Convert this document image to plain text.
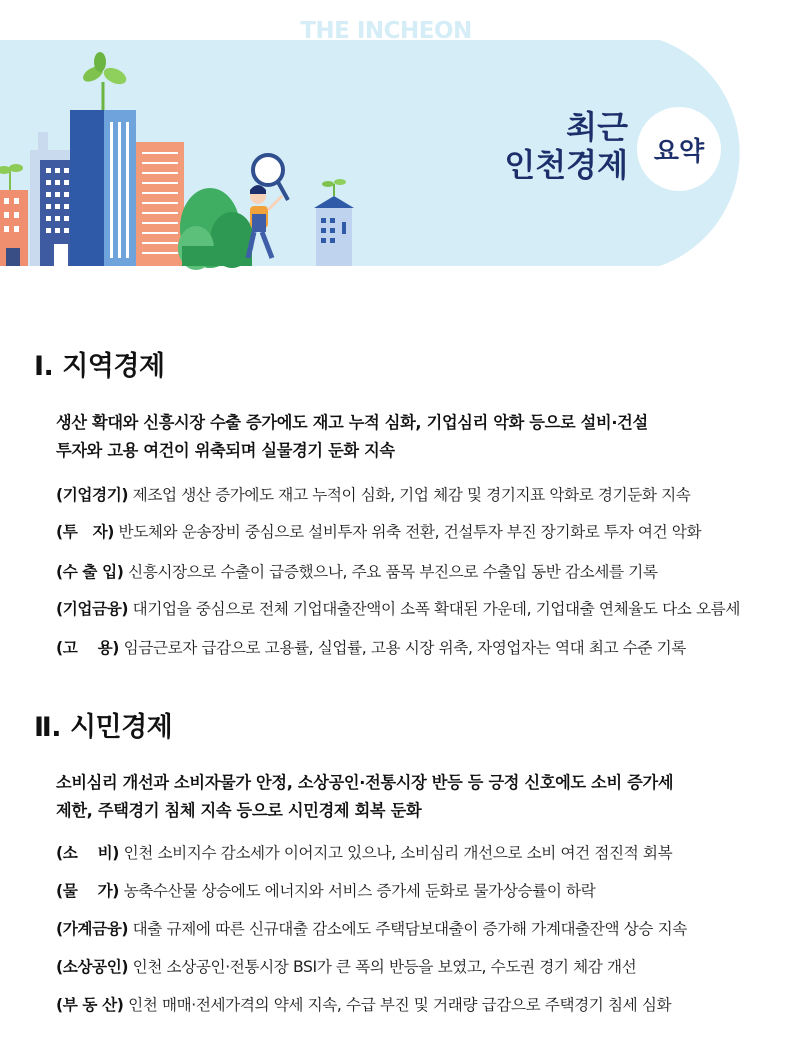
THE INCHEON INSTITUTE
최근
인천경제 요약
Ⅰ. 지역경제
생산 확대와 신흥시장 수출 증가에도 재고 누적 심화, 기업심리 악화 등으로 설비·건설
투자와 고용 여건이 위축되며 실물경기 둔화 지속
(기업경기) 제조업 생산 증가에도 재고 누적이 심화, 기업 체감 및 경기지표 악화로 경기둔화 지속
(투　자) 반도체와 운송장비 중심으로 설비투자 위축 전환, 건설투자 부진 장기화로 투자 여건 악화
(수 출 입) 신흥시장으로 수출이 급증했으나, 주요 품목 부진으로 수출입 동반 감소세를 기록
(기업금융) 대기업을 중심으로 전체 기업대출잔액이 소폭 확대된 가운데, 기업대출 연체율도 다소 오름세
(고　 용) 임금근로자 급감으로 고용률, 실업률, 고용 시장 위축, 자영업자는 역대 최고 수준 기록
Ⅱ. 시민경제
소비심리 개선과 소비자물가 안정, 소상공인·전통시장 반등 등 긍정 신호에도 소비 증가세
제한, 주택경기 침체 지속 등으로 시민경제 회복 둔화
(소　 비) 인천 소비지수 감소세가 이어지고 있으나, 소비심리 개선으로 소비 여건 점진적 회복
(물　 가) 농축수산물 상승에도 에너지와 서비스 증가세 둔화로 물가상승률이 하락
(가계금융) 대출 규제에 따른 신규대출 감소에도 주택담보대출이 증가해 가계대출잔액 상승 지속
(소상공인) 인천 소상공인·전통시장 BSI가 큰 폭의 반등을 보였고, 수도권 경기 체감 개선
(부 동 산) 인천 매매·전세가격의 약세 지속, 수급 부진 및 거래량 급감으로 주택경기 침세 심화
